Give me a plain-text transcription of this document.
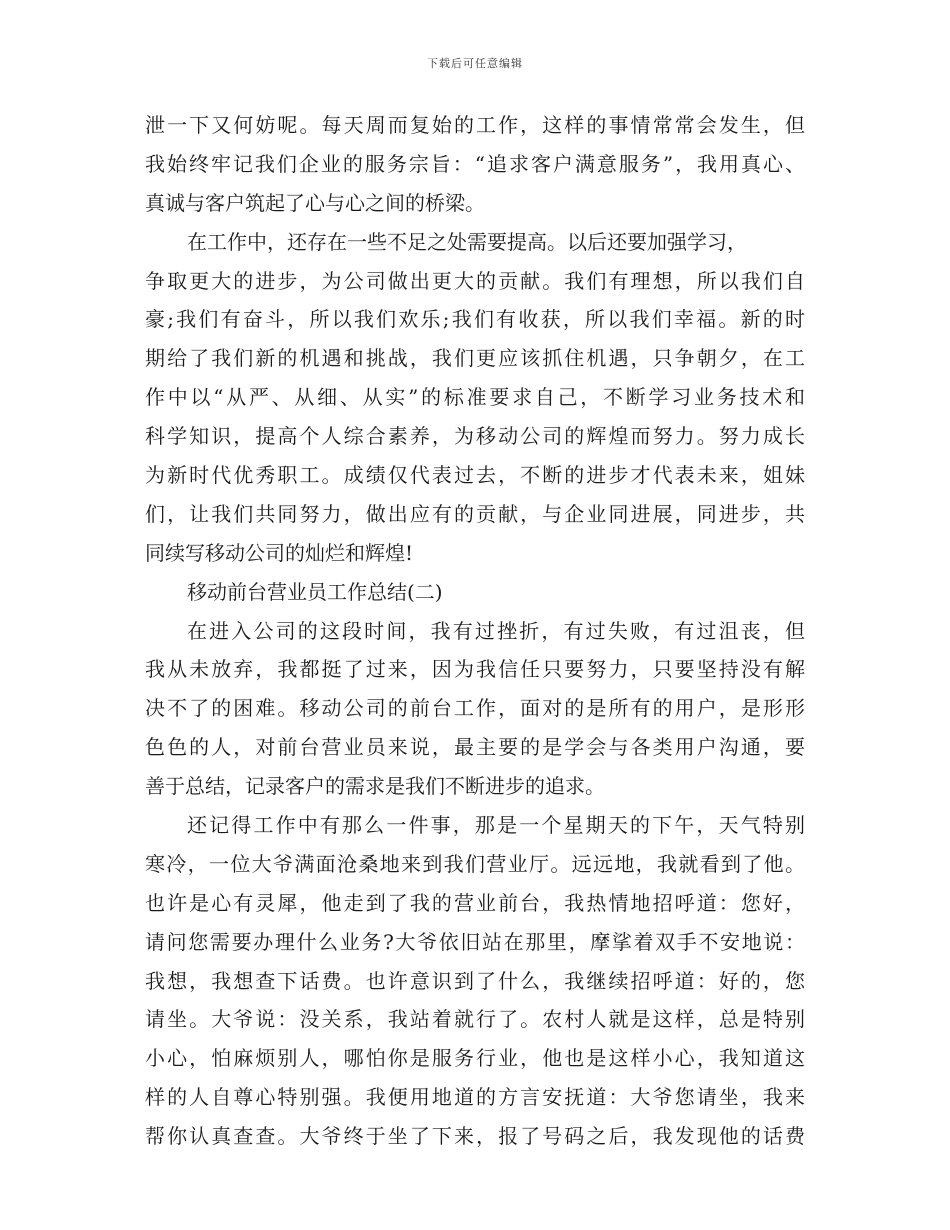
下载后可任意编辑
泄一下又何妨呢。每天周而复始的工作，这样的事情常常会发生，但
我始终牢记我们企业的服务宗旨：“追求客户满意服务”，我用真心、
真诚与客户筑起了心与心之间的桥梁。
在工作中，还存在一些不足之处需要提高。以后还要加强学习，
争取更大的进步，为公司做出更大的贡献。我们有理想，所以我们自
豪;我们有奋斗，所以我们欢乐;我们有收获，所以我们幸福。新的时
期给了我们新的机遇和挑战，我们更应该抓住机遇，只争朝夕，在工
作中以“从严、从细、从实”的标准要求自己，不断学习业务技术和
科学知识，提高个人综合素养，为移动公司的辉煌而努力。努力成长
为新时代优秀职工。成绩仅代表过去，不断的进步才代表未来，姐妹
们，让我们共同努力，做出应有的贡献，与企业同进展，同进步，共
同续写移动公司的灿烂和辉煌!
移动前台营业员工作总结(二)
在进入公司的这段时间，我有过挫折，有过失败，有过沮丧，但
我从未放弃，我都挺了过来，因为我信任只要努力，只要坚持没有解
决不了的困难。移动公司的前台工作，面对的是所有的用户，是形形
色色的人，对前台营业员来说，最主要的是学会与各类用户沟通，要
善于总结，记录客户的需求是我们不断进步的追求。
还记得工作中有那么一件事，那是一个星期天的下午，天气特别
寒冷，一位大爷满面沧桑地来到我们营业厅。远远地，我就看到了他。
也许是心有灵犀，他走到了我的营业前台，我热情地招呼道：您好，
请问您需要办理什么业务?大爷依旧站在那里，摩挲着双手不安地说：
我想，我想查下话费。也许意识到了什么，我继续招呼道：好的，您
请坐。大爷说：没关系，我站着就行了。农村人就是这样，总是特别
小心，怕麻烦别人，哪怕你是服务行业，他也是这样小心，我知道这
样的人自尊心特别强。我便用地道的方言安抚道：大爷您请坐，我来
帮你认真查查。大爷终于坐了下来，报了号码之后，我发现他的话费
